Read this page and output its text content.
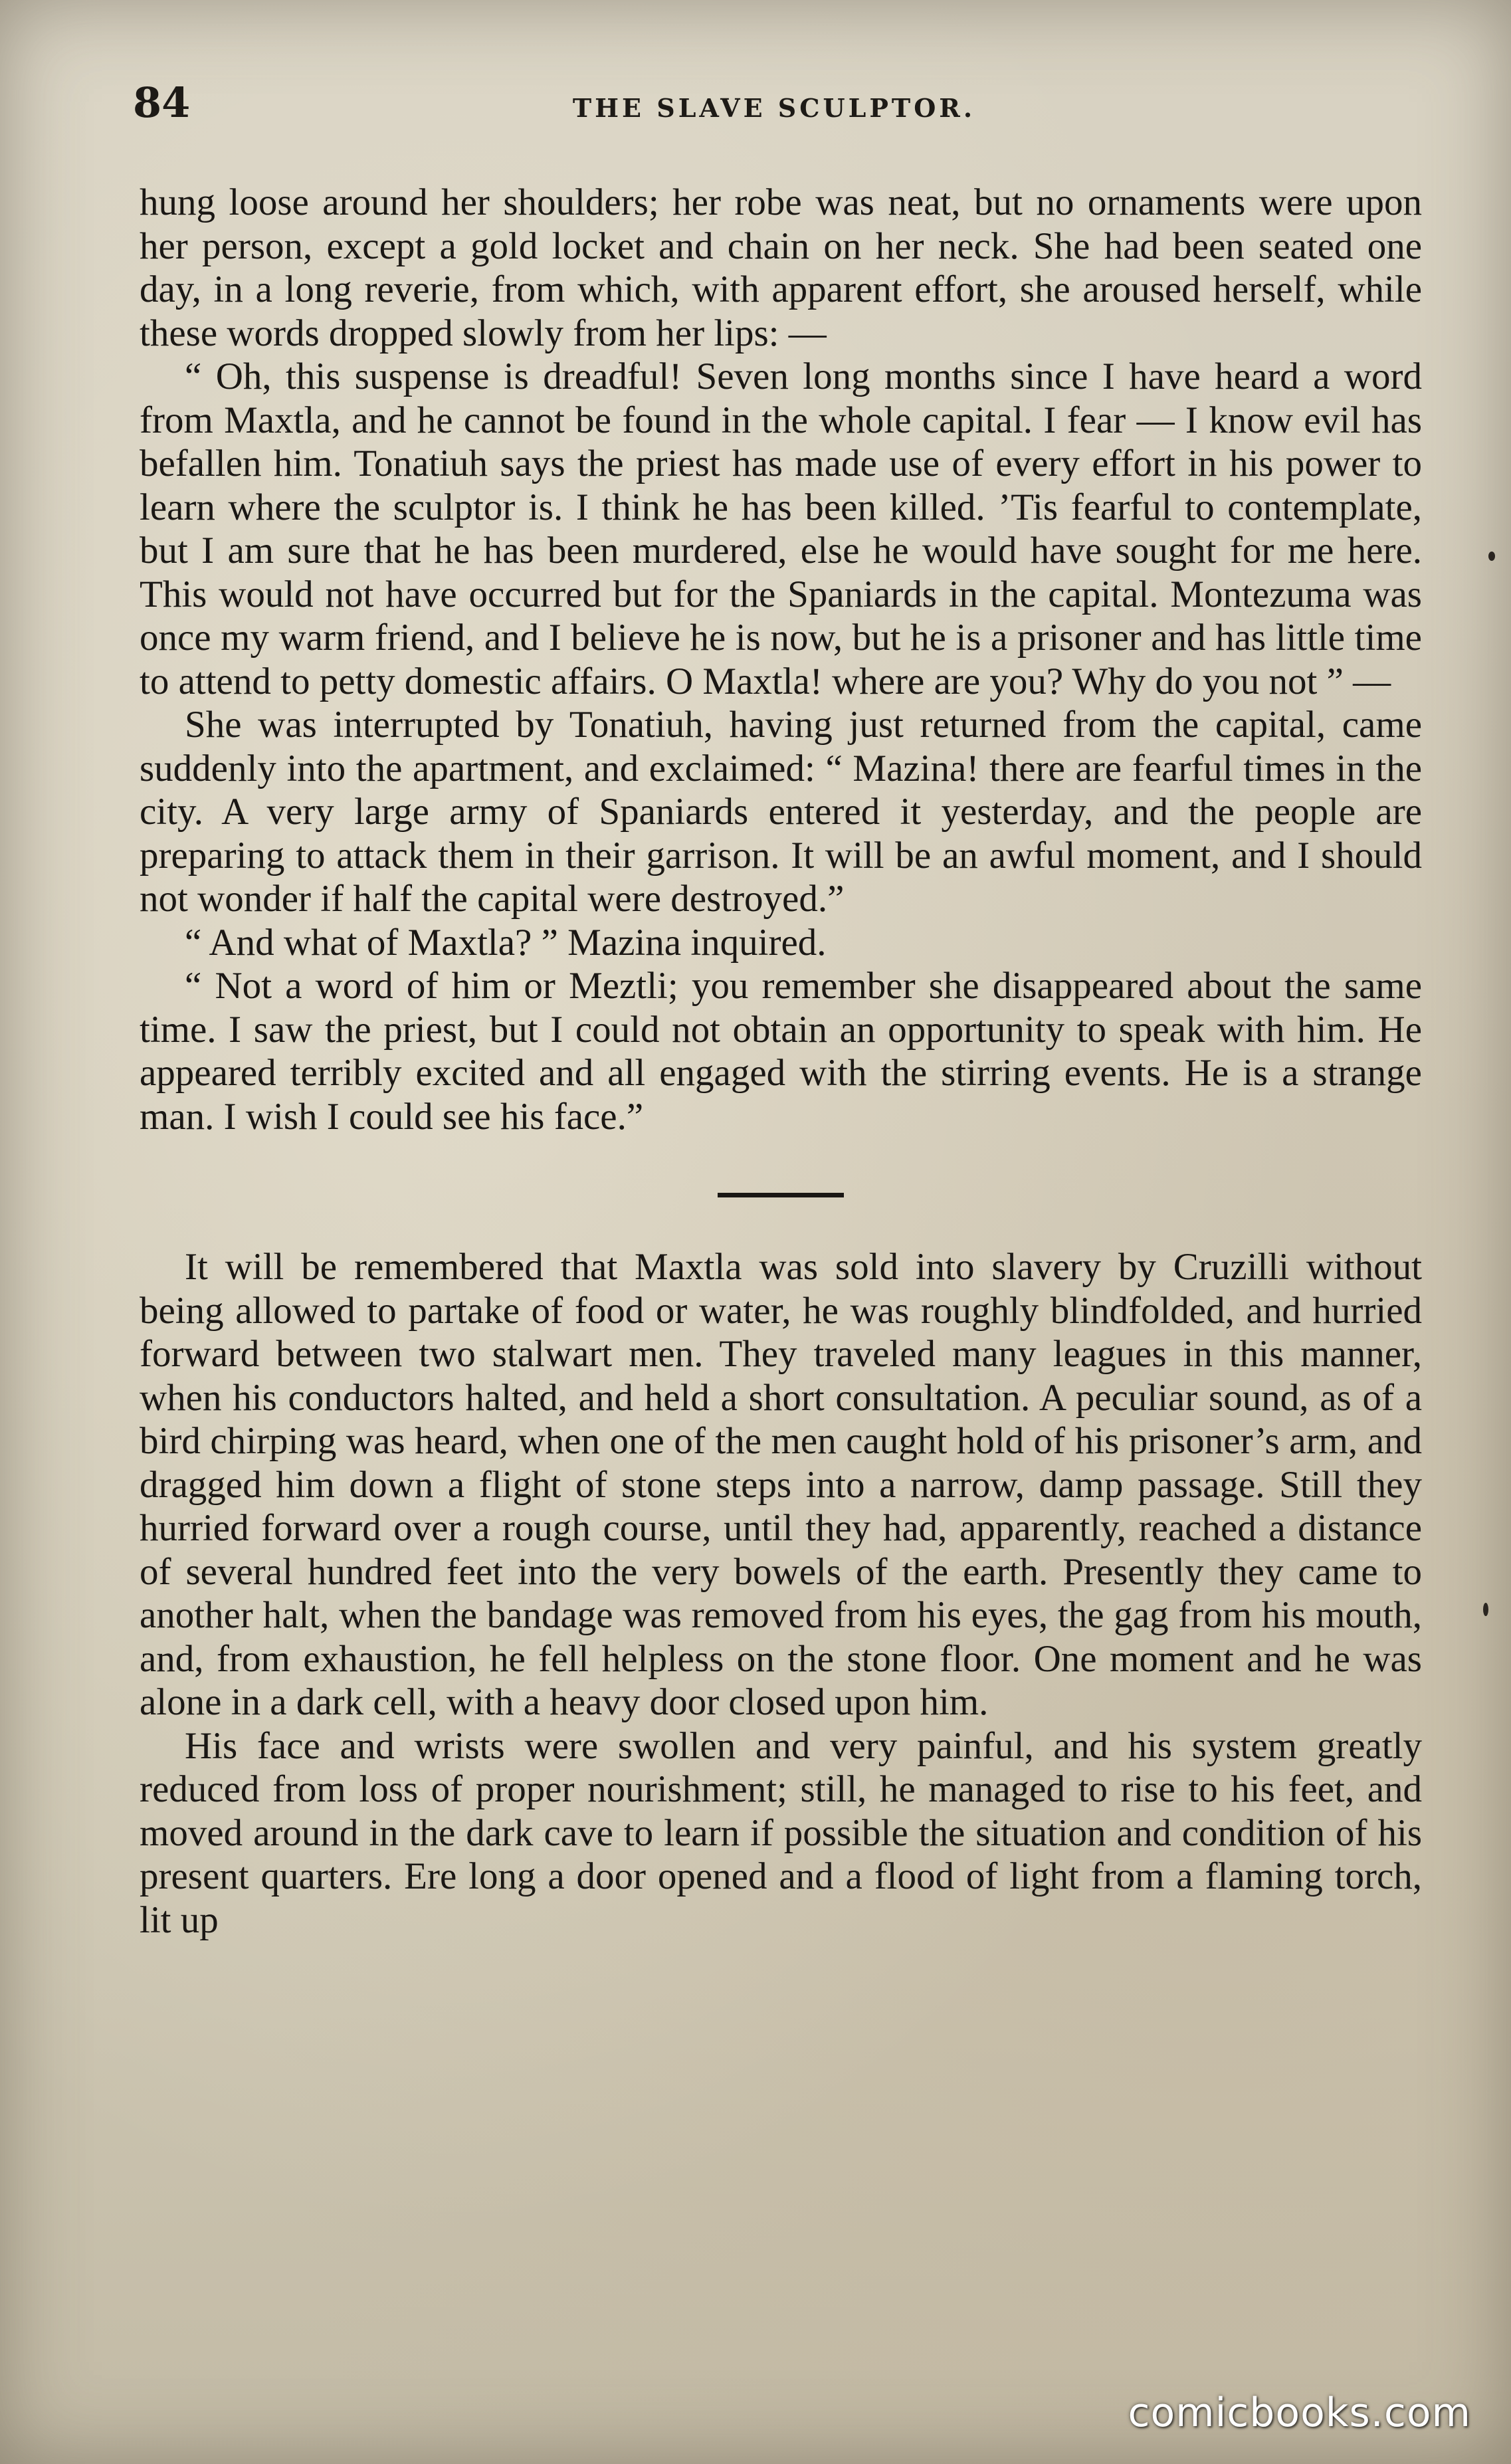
84	THE SLAVE SCULPTOR.

hung loose around her shoulders; her robe was neat, but no ornaments were upon her person, except a gold locket and chain on her neck. She had been seated one day, in a long reverie, from which, with apparent effort, she aroused herself, while these words dropped slowly from her lips: —

“ Oh, this suspense is dreadful! Seven long months since I have heard a word from Maxtla, and he cannot be found in the whole capital. I fear — I know evil has befallen him. Tonatiuh says the priest has made use of every effort in his power to learn where the sculptor is. I think he has been killed. ’Tis fearful to contemplate, but I am sure that he has been murdered, else he would have sought for me here. This would not have occurred but for the Spaniards in the capital. Montezuma was once my warm friend, and I believe he is now, but he is a prisoner and has little time to attend to petty domestic affairs. O Maxtla! where are you? Why do you not ” —

She was interrupted by Tonatiuh, having just returned from the capital, came suddenly into the apartment, and exclaimed: “ Mazina! there are fearful times in the city. A very large army of Spaniards entered it yesterday, and the people are preparing to attack them in their garrison. It will be an awful moment, and I should not wonder if half the capital were destroyed.”

“ And what of Maxtla? ” Mazina inquired.

“ Not a word of him or Meztli; you remember she disappeared about the same time. I saw the priest, but I could not obtain an opportunity to speak with him. He appeared terribly excited and all engaged with the stirring events. He is a strange man. I wish I could see his face.”

It will be remembered that Maxtla was sold into slavery by Cruzilli without being allowed to partake of food or water, he was roughly blindfolded, and hurried forward between two stalwart men. They traveled many leagues in this manner, when his conductors halted, and held a short consultation. A peculiar sound, as of a bird chirping was heard, when one of the men caught hold of his prisoner’s arm, and dragged him down a flight of stone steps into a narrow, damp passage. Still they hurried forward over a rough course, until they had, apparently, reached a distance of several hundred feet into the very bowels of the earth. Presently they came to another halt, when the bandage was removed from his eyes, the gag from his mouth, and, from exhaustion, he fell helpless on the stone floor. One moment and he was alone in a dark cell, with a heavy door closed upon him.

His face and wrists were swollen and very painful, and his system greatly reduced from loss of proper nourishment; still, he managed to rise to his feet, and moved around in the dark cave to learn if possible the situation and condition of his present quarters. Ere long a door opened and a flood of light from a flaming torch, lit up

comicbooks.com
